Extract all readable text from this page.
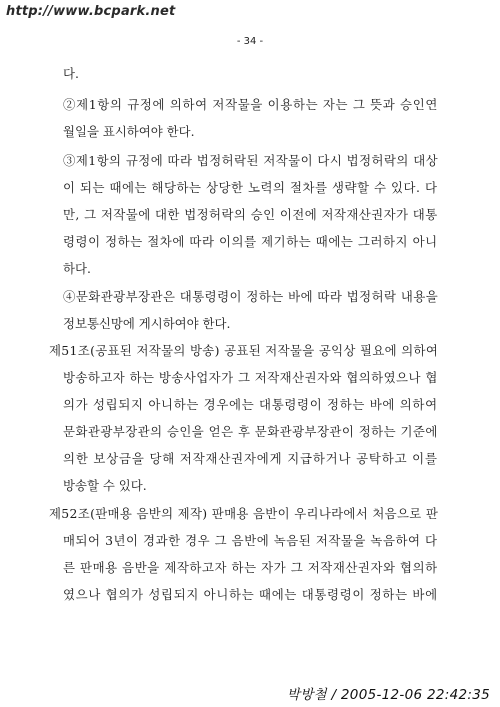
http://www.bcpark.net
- 34 -
다.
②제1항의 규정에 의하여 저작물을 이용하는 자는 그 뜻과 승인연
월일을 표시하여야 한다.
③제1항의 규정에 따라 법정허락된 저작물이 다시 법정허락의 대상
이 되는 때에는 해당하는 상당한 노력의 절차를 생략할 수 있다. 다
만, 그 저작물에 대한 법정허락의 승인 이전에 저작재산권자가 대통
령령이 정하는 절차에 따라 이의를 제기하는 때에는 그러하지 아니
하다.
④문화관광부장관은 대통령령이 정하는 바에 따라 법정허락 내용을
정보통신망에 게시하여야 한다.
제51조(공표된 저작물의 방송) 공표된 저작물을 공익상 필요에 의하여
방송하고자 하는 방송사업자가 그 저작재산권자와 협의하였으나 협
의가 성립되지 아니하는 경우에는 대통령령이 정하는 바에 의하여
문화관광부장관의 승인을 얻은 후 문화관광부장관이 정하는 기준에
의한 보상금을 당해 저작재산권자에게 지급하거나 공탁하고 이를
방송할 수 있다.
제52조(판매용 음반의 제작) 판매용 음반이 우리나라에서 처음으로 판
매되어 3년이 경과한 경우 그 음반에 녹음된 저작물을 녹음하여 다
른 판매용 음반을 제작하고자 하는 자가 그 저작재산권자와 협의하
였으나 협의가 성립되지 아니하는 때에는 대통령령이 정하는 바에
박방철 / 2005-12-06 22:42:35
